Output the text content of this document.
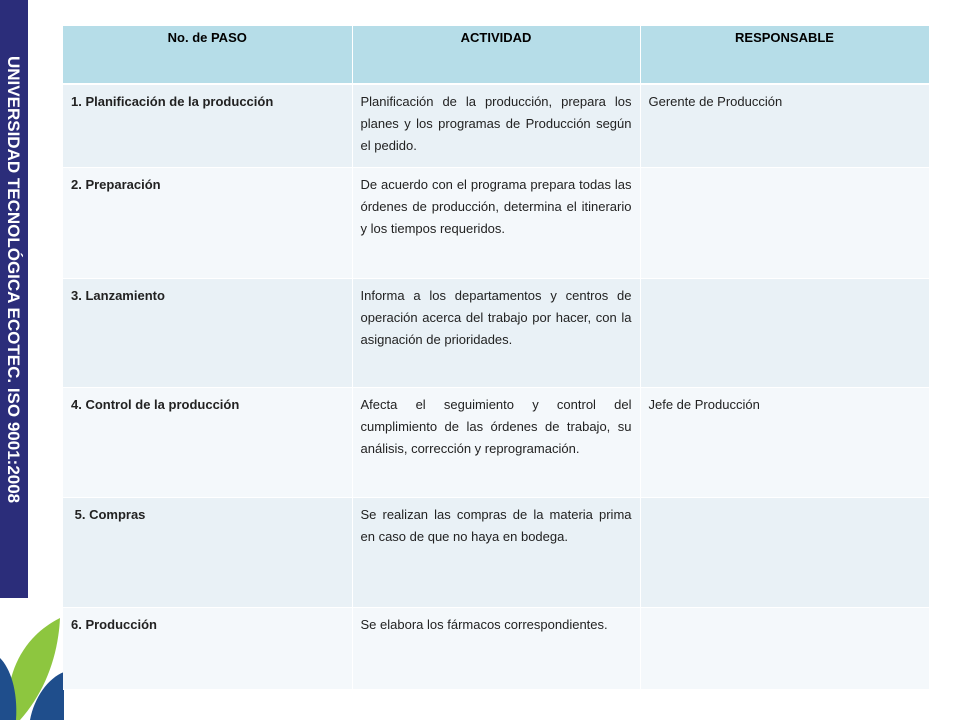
UNIVERSIDAD TECNOLÓGICA ECOTEC. ISO 9001:2008
No. de PASO	ACTIVIDAD	RESPONSABLE
1. Planificación de la producción	Planificación de la producción, prepara los planes y los programas de Producción según el pedido.	Gerente de Producción
2. Preparación	De acuerdo con el programa prepara todas las órdenes de producción, determina el itinerario y los tiempos requeridos.	
3. Lanzamiento	Informa a los departamentos y centros de operación acerca del trabajo por hacer, con la asignación de prioridades.	
4. Control de la producción	Afecta el seguimiento y control del cumplimiento de las órdenes de trabajo, su análisis, corrección y reprogramación.	Jefe de Producción
5. Compras	Se realizan las compras de la materia prima en caso de que no haya en bodega.	
6. Producción	Se elabora los fármacos correspondientes.	
